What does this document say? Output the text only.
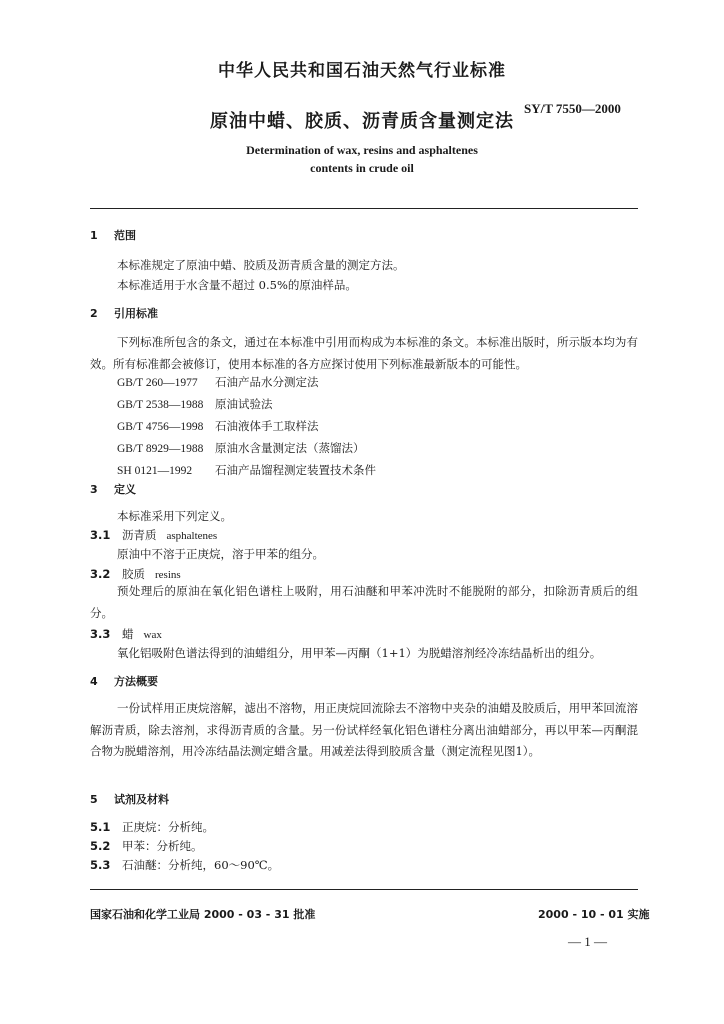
中华人民共和国石油天然气行业标准
SY/T 7550—2000
原油中蜡、胶质、沥青质含量测定法
Determination of wax, resins and asphaltenes
contents in crude oil
1 范围
本标准规定了原油中蜡、胶质及沥青质含量的测定方法。
本标准适用于水含量不超过 0.5%的原油样品。
2 引用标准
下列标准所包含的条文，通过在本标准中引用而构成为本标准的条文。本标准出版时，所示版本均为有效。所有标准都会被修订，使用本标准的各方应探讨使用下列标准最新版本的可能性。
GB/T 260—1977 石油产品水分测定法
GB/T 2538—1988 原油试验法
GB/T 4756—1998 石油液体手工取样法
GB/T 8929—1988 原油水含量测定法（蒸馏法）
SH 0121—1992 石油产品馏程测定装置技术条件
3 定义
本标准采用下列定义。
3.1 沥青质 asphaltenes
原油中不溶于正庚烷，溶于甲苯的组分。
3.2 胶质 resins
预处理后的原油在氧化铝色谱柱上吸附，用石油醚和甲苯冲洗时不能脱附的部分，扣除沥青质后的组分。
3.3 蜡 wax
氧化铝吸附色谱法得到的油蜡组分，用甲苯—丙酮（1+1）为脱蜡溶剂经冷冻结晶析出的组分。
4 方法概要
一份试样用正庚烷溶解，滤出不溶物，用正庚烷回流除去不溶物中夹杂的油蜡及胶质后，用甲苯回流溶解沥青质，除去溶剂，求得沥青质的含量。另一份试样经氧化铝色谱柱分离出油蜡部分，再以甲苯—丙酮混合物为脱蜡溶剂，用冷冻结晶法测定蜡含量。用减差法得到胶质含量（测定流程见图1）。
5 试剂及材料
5.1 正庚烷：分析纯。
5.2 甲苯：分析纯。
5.3 石油醚：分析纯，60～90℃。
国家石油和化学工业局 2000 - 03 - 31 批准	2000 - 10 - 01 实施
— 1 —
